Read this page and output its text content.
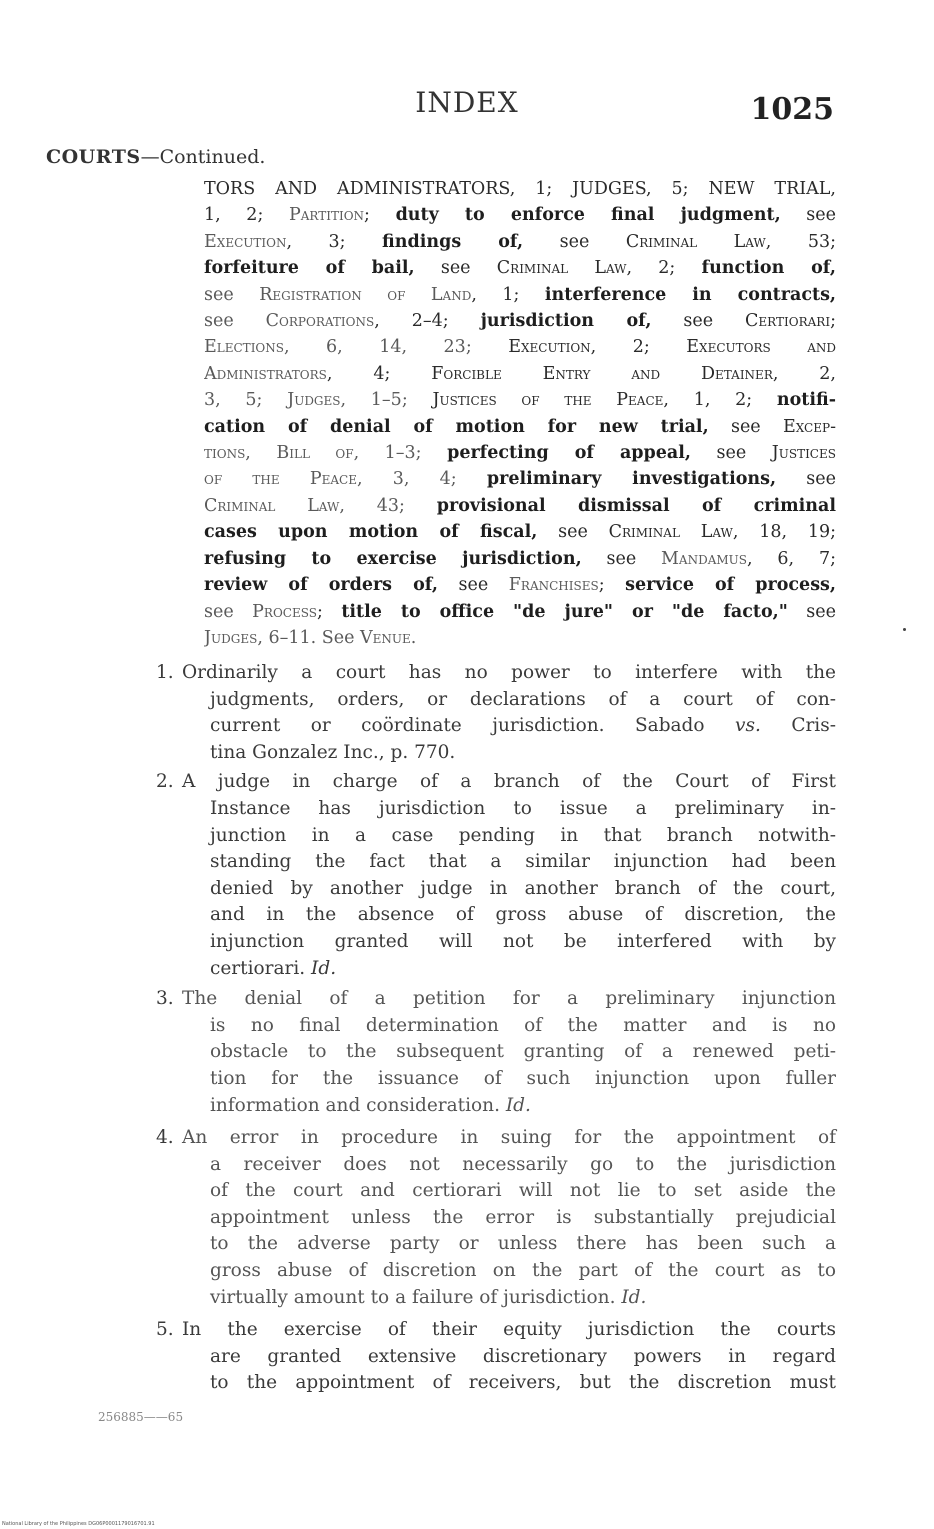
INDEX	1025
COURTS—Continued.
TORS AND ADMINISTRATORS, 1; JUDGES, 5; NEW TRIAL,
1, 2; Partition; duty to enforce final judgment, see
Execution, 3; findings of, see Criminal Law, 53;
forfeiture of bail, see Criminal Law, 2; function of,
see Registration of Land, 1; interference in contracts,
see Corporations, 2–4; jurisdiction of, see Certiorari;
Elections, 6, 14, 23; Execution, 2; Executors and
Administrators, 4; Forcible Entry and Detainer, 2,
3, 5; Judges, 1–5; Justices of the Peace, 1, 2; notifi-
cation of denial of motion for new trial, see Excep-
tions, Bill of, 1–3; perfecting of appeal, see Justices
of the Peace, 3, 4; preliminary investigations, see
Criminal Law, 43; provisional dismissal of criminal
cases upon motion of fiscal, see Criminal Law, 18, 19;
refusing to exercise jurisdiction, see Mandamus, 6, 7;
review of orders of, see Franchises; service of process,
see Process; title to office "de jure" or "de facto," see
Judges, 6–11. See Venue.
1. Ordinarily a court has no power to interfere with the
judgments, orders, or declarations of a court of con-
current or coördinate jurisdiction. Sabado vs. Cris-
tina Gonzalez Inc., p. 770.
2. A judge in charge of a branch of the Court of First
Instance has jurisdiction to issue a preliminary in-
junction in a case pending in that branch notwith-
standing the fact that a similar injunction had been
denied by another judge in another branch of the court,
and in the absence of gross abuse of discretion, the
injunction granted will not be interfered with by
certiorari. Id.
3. The denial of a petition for a preliminary injunction
is no final determination of the matter and is no
obstacle to the subsequent granting of a renewed peti-
tion for the issuance of such injunction upon fuller
information and consideration. Id.
4. An error in procedure in suing for the appointment of
a receiver does not necessarily go to the jurisdiction
of the court and certiorari will not lie to set aside the
appointment unless the error is substantially prejudicial
to the adverse party or unless there has been such a
gross abuse of discretion on the part of the court as to
virtually amount to a failure of jurisdiction. Id.
5. In the exercise of their equity jurisdiction the courts
are granted extensive discretionary powers in regard
to the appointment of receivers, but the discretion must
256885——65
National Library of the Philippines DG06P0001179016701.91
